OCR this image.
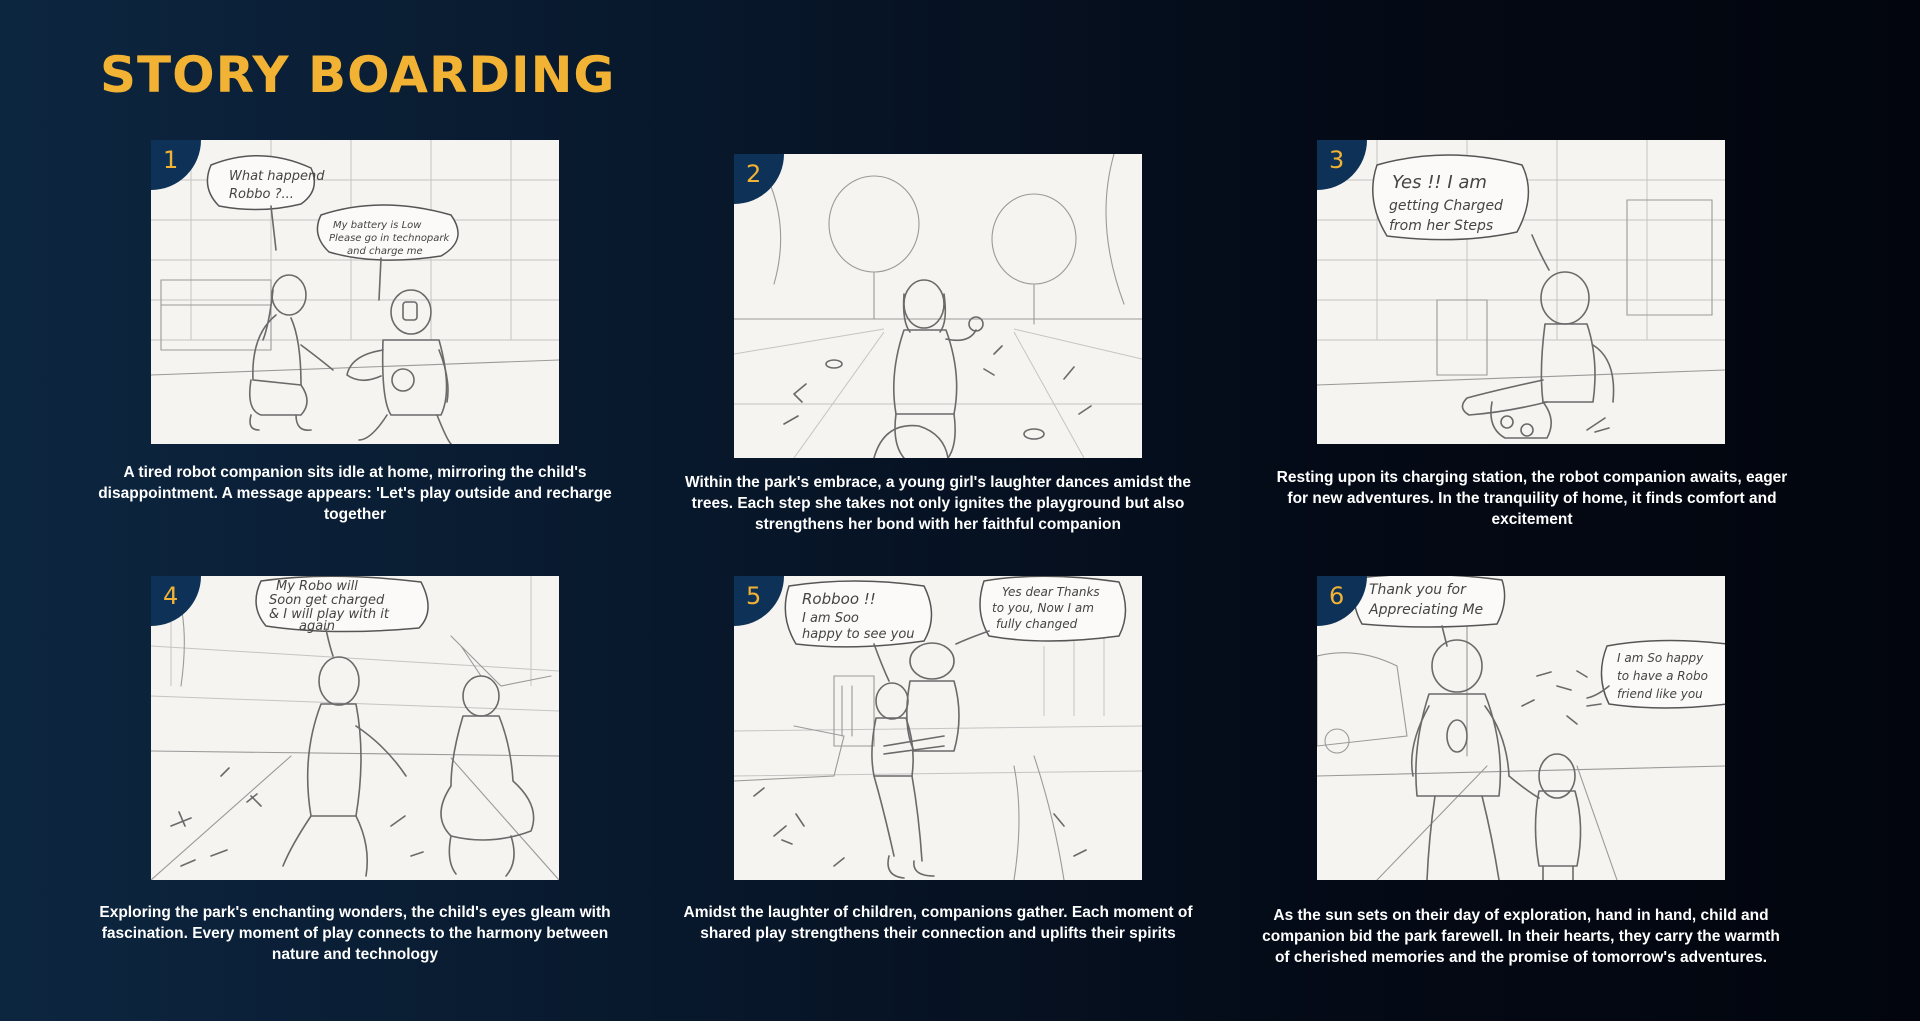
STORY BOARDING
1
What happend
Robbo ?...
My battery is Low
Please go in technopark
and charge me

A tired robot companion sits idle at home, mirroring the child's disappointment. A message appears: 'Let's play outside and recharge together

2

Within the park's embrace, a young girl's laughter dances amidst the trees. Each step she takes not only ignites the playground but also strengthens her bond with her faithful companion

3
Yes !! I am
getting Charged
from her Steps

Resting upon its charging station, the robot companion awaits, eager for new adventures. In the tranquility of home, it finds comfort and excitement

4	My Robo will
Soon get charged
& I will play with it
again

Exploring the park's enchanting wonders, the child's eyes gleam with fascination. Every moment of play connects to the harmony between nature and technology

5	Robboo !!
I am Soo
happy to see you
Yes dear Thanks
to you, Now I am
fully changed

Amidst the laughter of children, companions gather. Each moment of shared play strengthens their connection and uplifts their spirits

6 Thank you for
Appreciating Me
I am So happy
to have a Robo
friend like you

As the sun sets on their day of exploration, hand in hand, child and companion bid the park farewell. In their hearts, they carry the warmth of cherished memories and the promise of tomorrow's adventures.
